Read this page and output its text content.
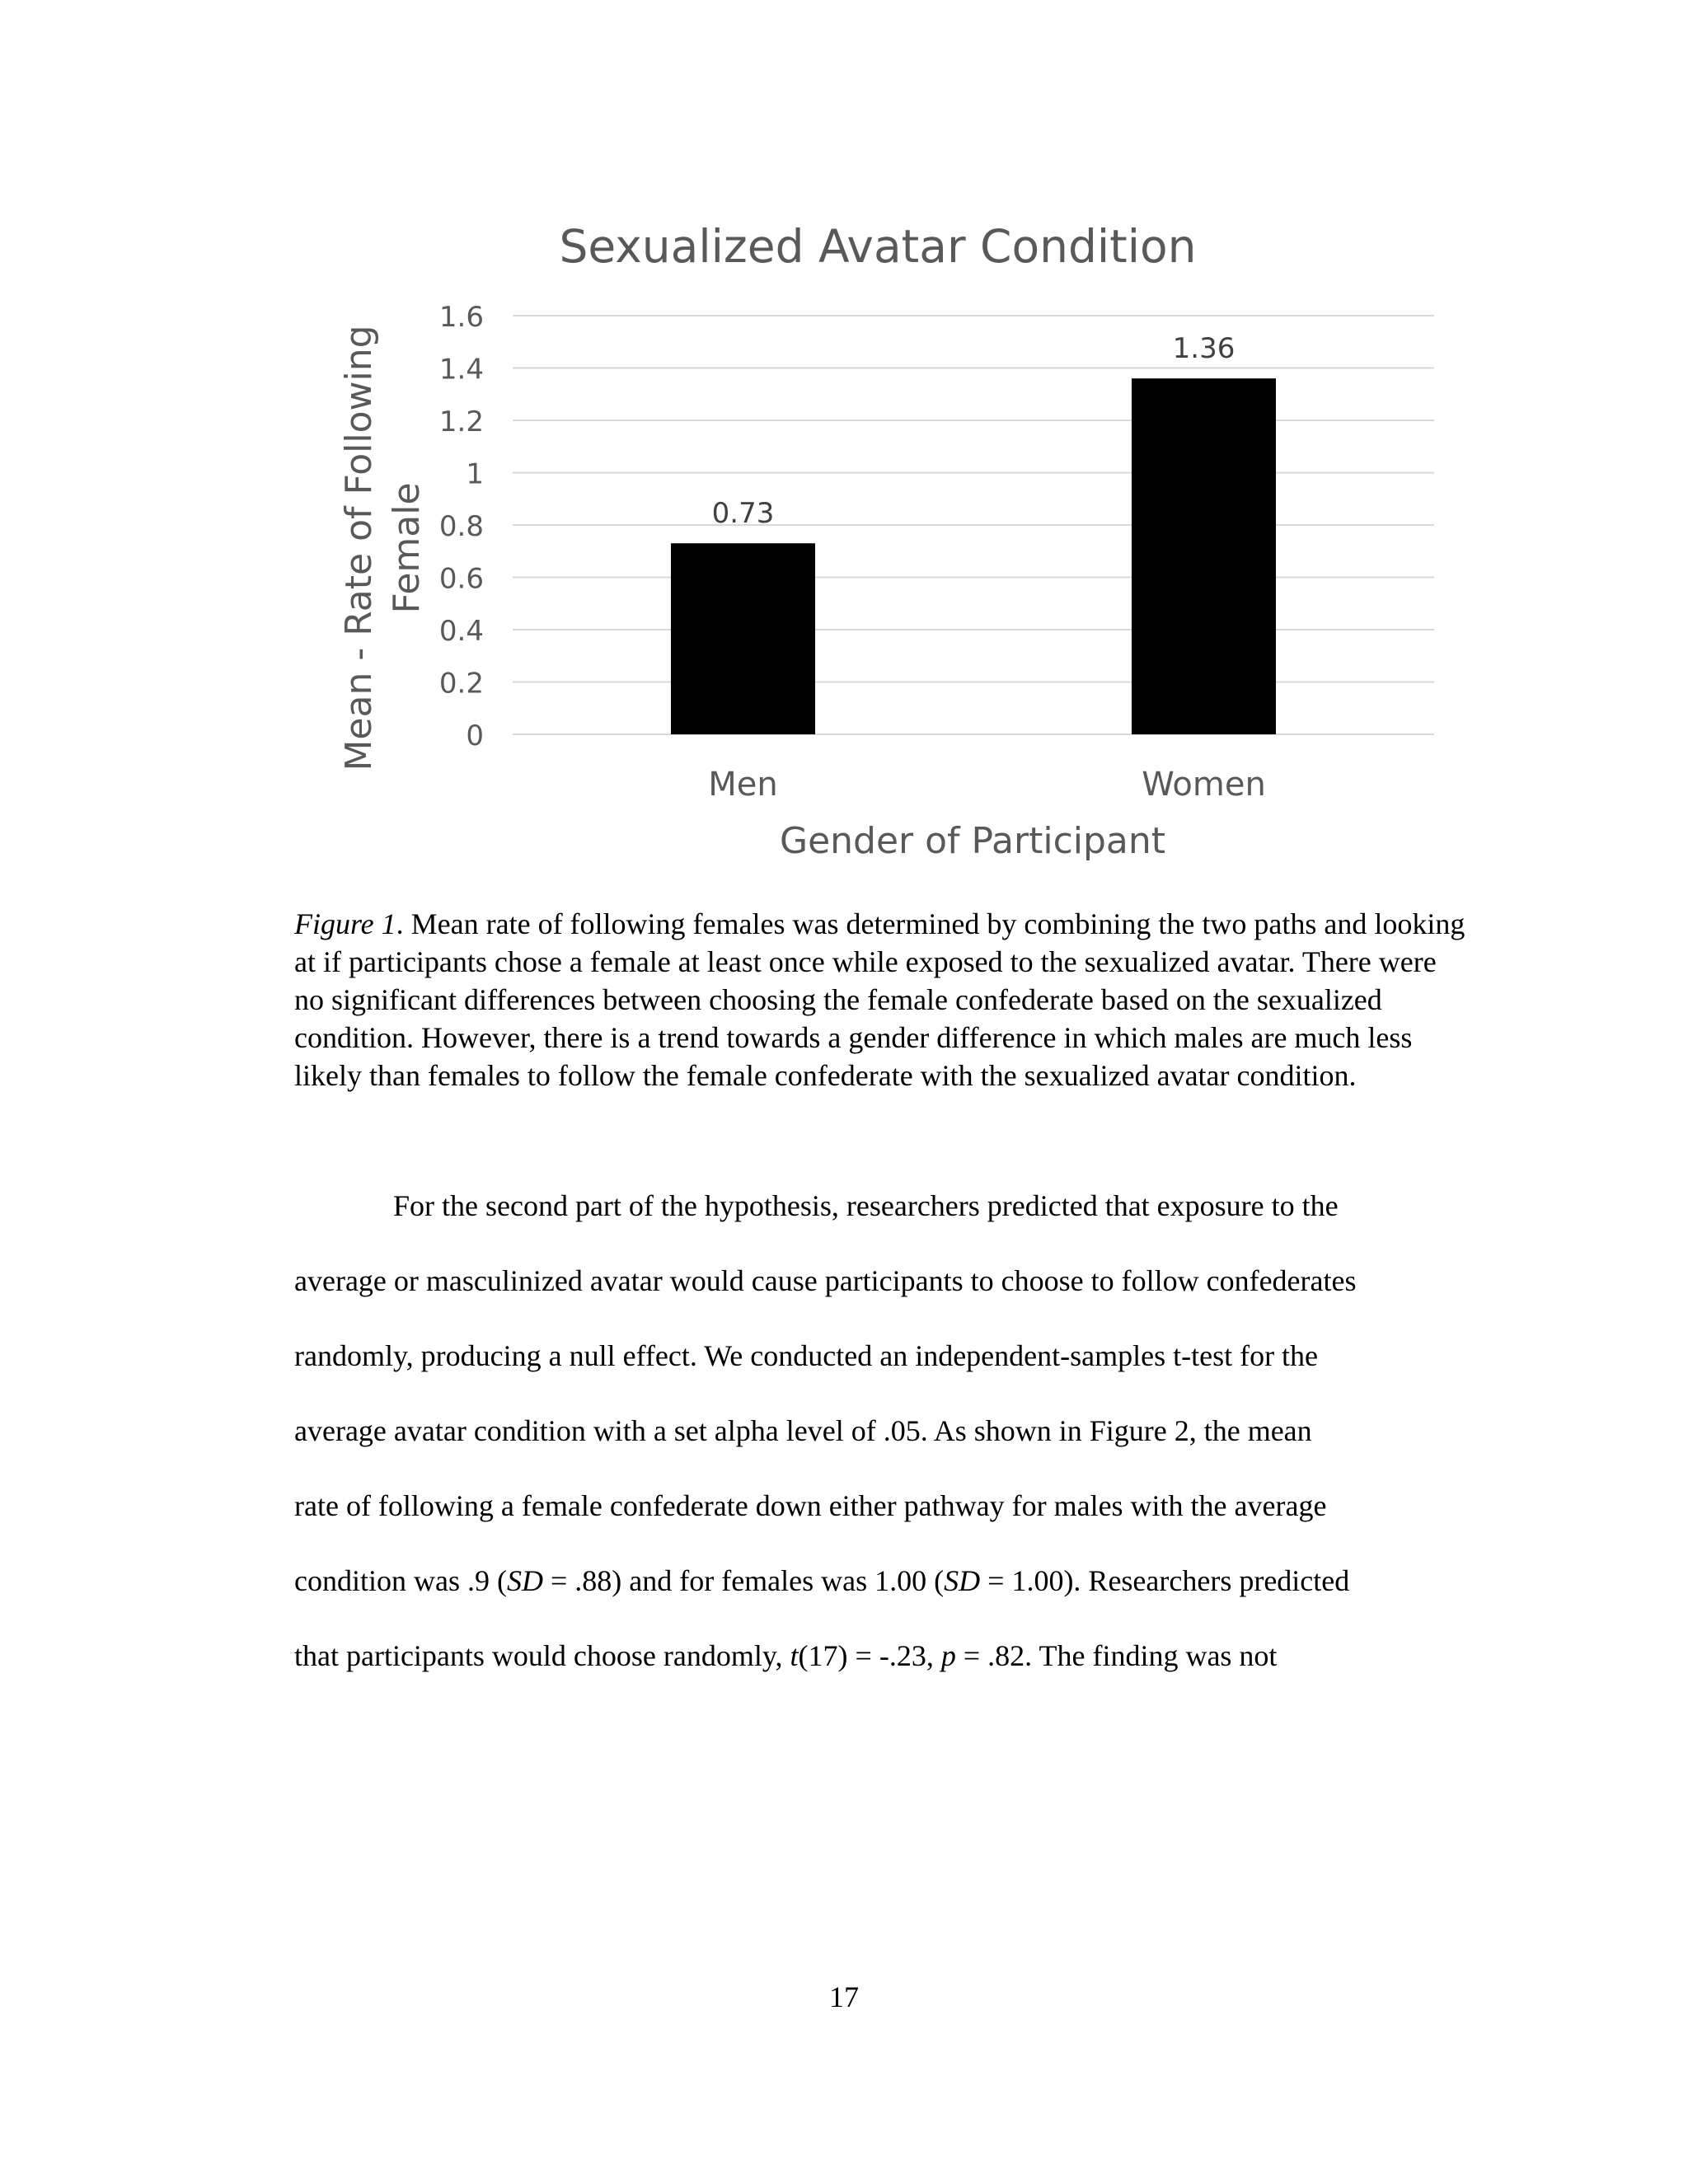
0
0.2
0.4
0.6
0.8
1
1.2
1.4
1.6
0.73
1.36
Men	Women
Sexualized Avatar Condition
Gender of Participant
Mean - Rate of Following Female

Figure 1. Mean rate of following females was determined by combining the two paths and looking at if participants chose a female at least once while exposed to the sexualized avatar. There were no significant differences between choosing the female confederate based on the sexualized condition. However, there is a trend towards a gender difference in which males are much less likely than females to follow the female confederate with the sexualized avatar condition.

For the second part of the hypothesis, researchers predicted that exposure to the
average or masculinized avatar would cause participants to choose to follow confederates
randomly, producing a null effect. We conducted an independent-samples t-test for the
average avatar condition with a set alpha level of .05. As shown in Figure 2, the mean
rate of following a female confederate down either pathway for males with the average
condition was .9 (SD = .88) and for females was 1.00 (SD = 1.00). Researchers predicted
that participants would choose randomly, t(17) = -.23, p = .82. The finding was not

17
